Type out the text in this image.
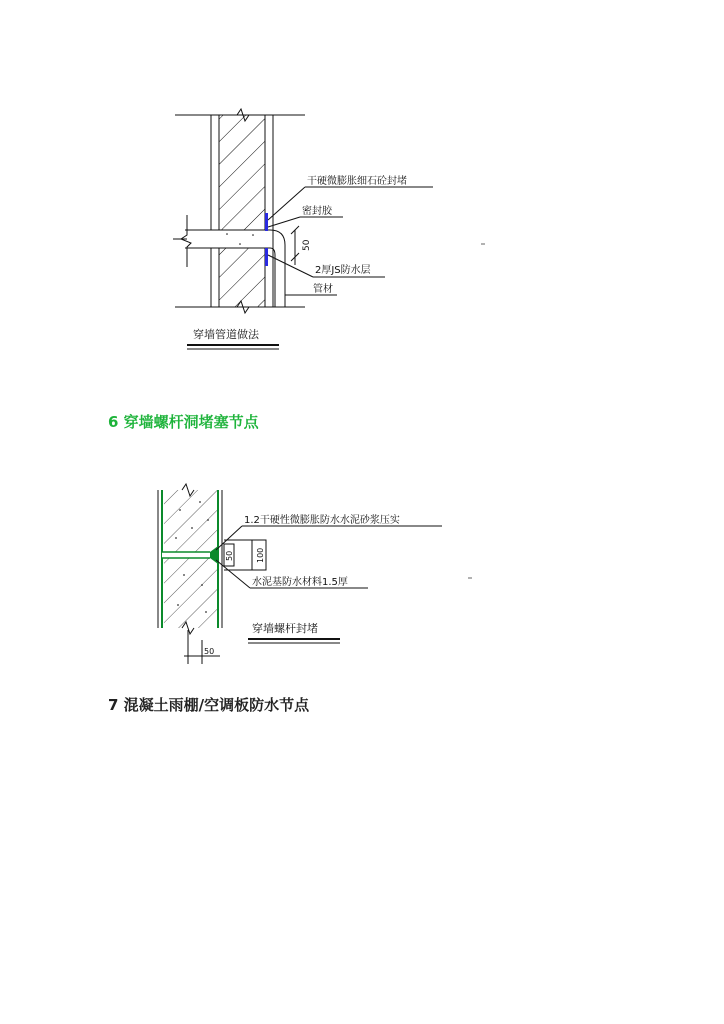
干硬微膨胀细石砼封堵
密封胶
50
2厚JS防水层
管材
穿墙管道做法
6 穿墙螺杆洞堵塞节点
50	100
1.2干硬性微膨胀防水水泥砂浆压实
水泥基防水材料1.5厚
穿墙螺杆封堵
50
7 混凝土雨棚/空调板防水节点
